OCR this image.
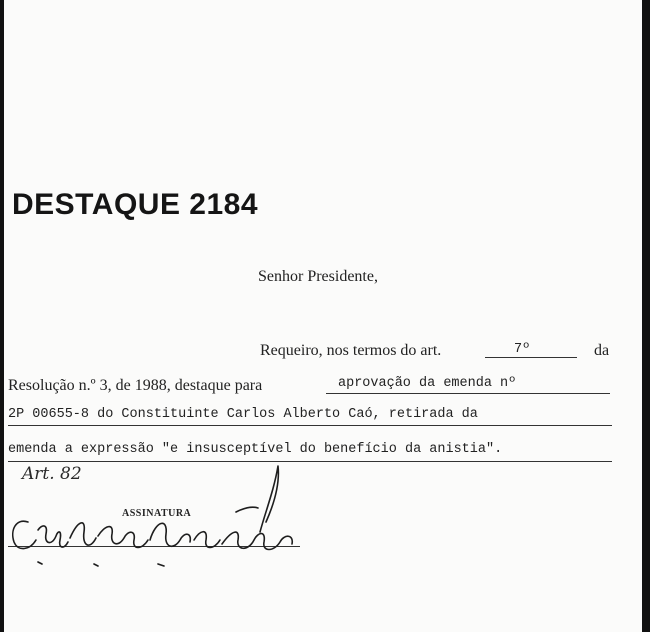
DESTAQUE 2184
Senhor Presidente,
Requeiro, nos termos do art.	7º	da
Resolução n.º 3, de 1988, destaque para	aprovação da emenda nº
2P 00655-8 do Constituinte Carlos Alberto Caó, retirada da
emenda a expressão "e insusceptível do benefício da anistia".
Art. 82
ASSINATURA
